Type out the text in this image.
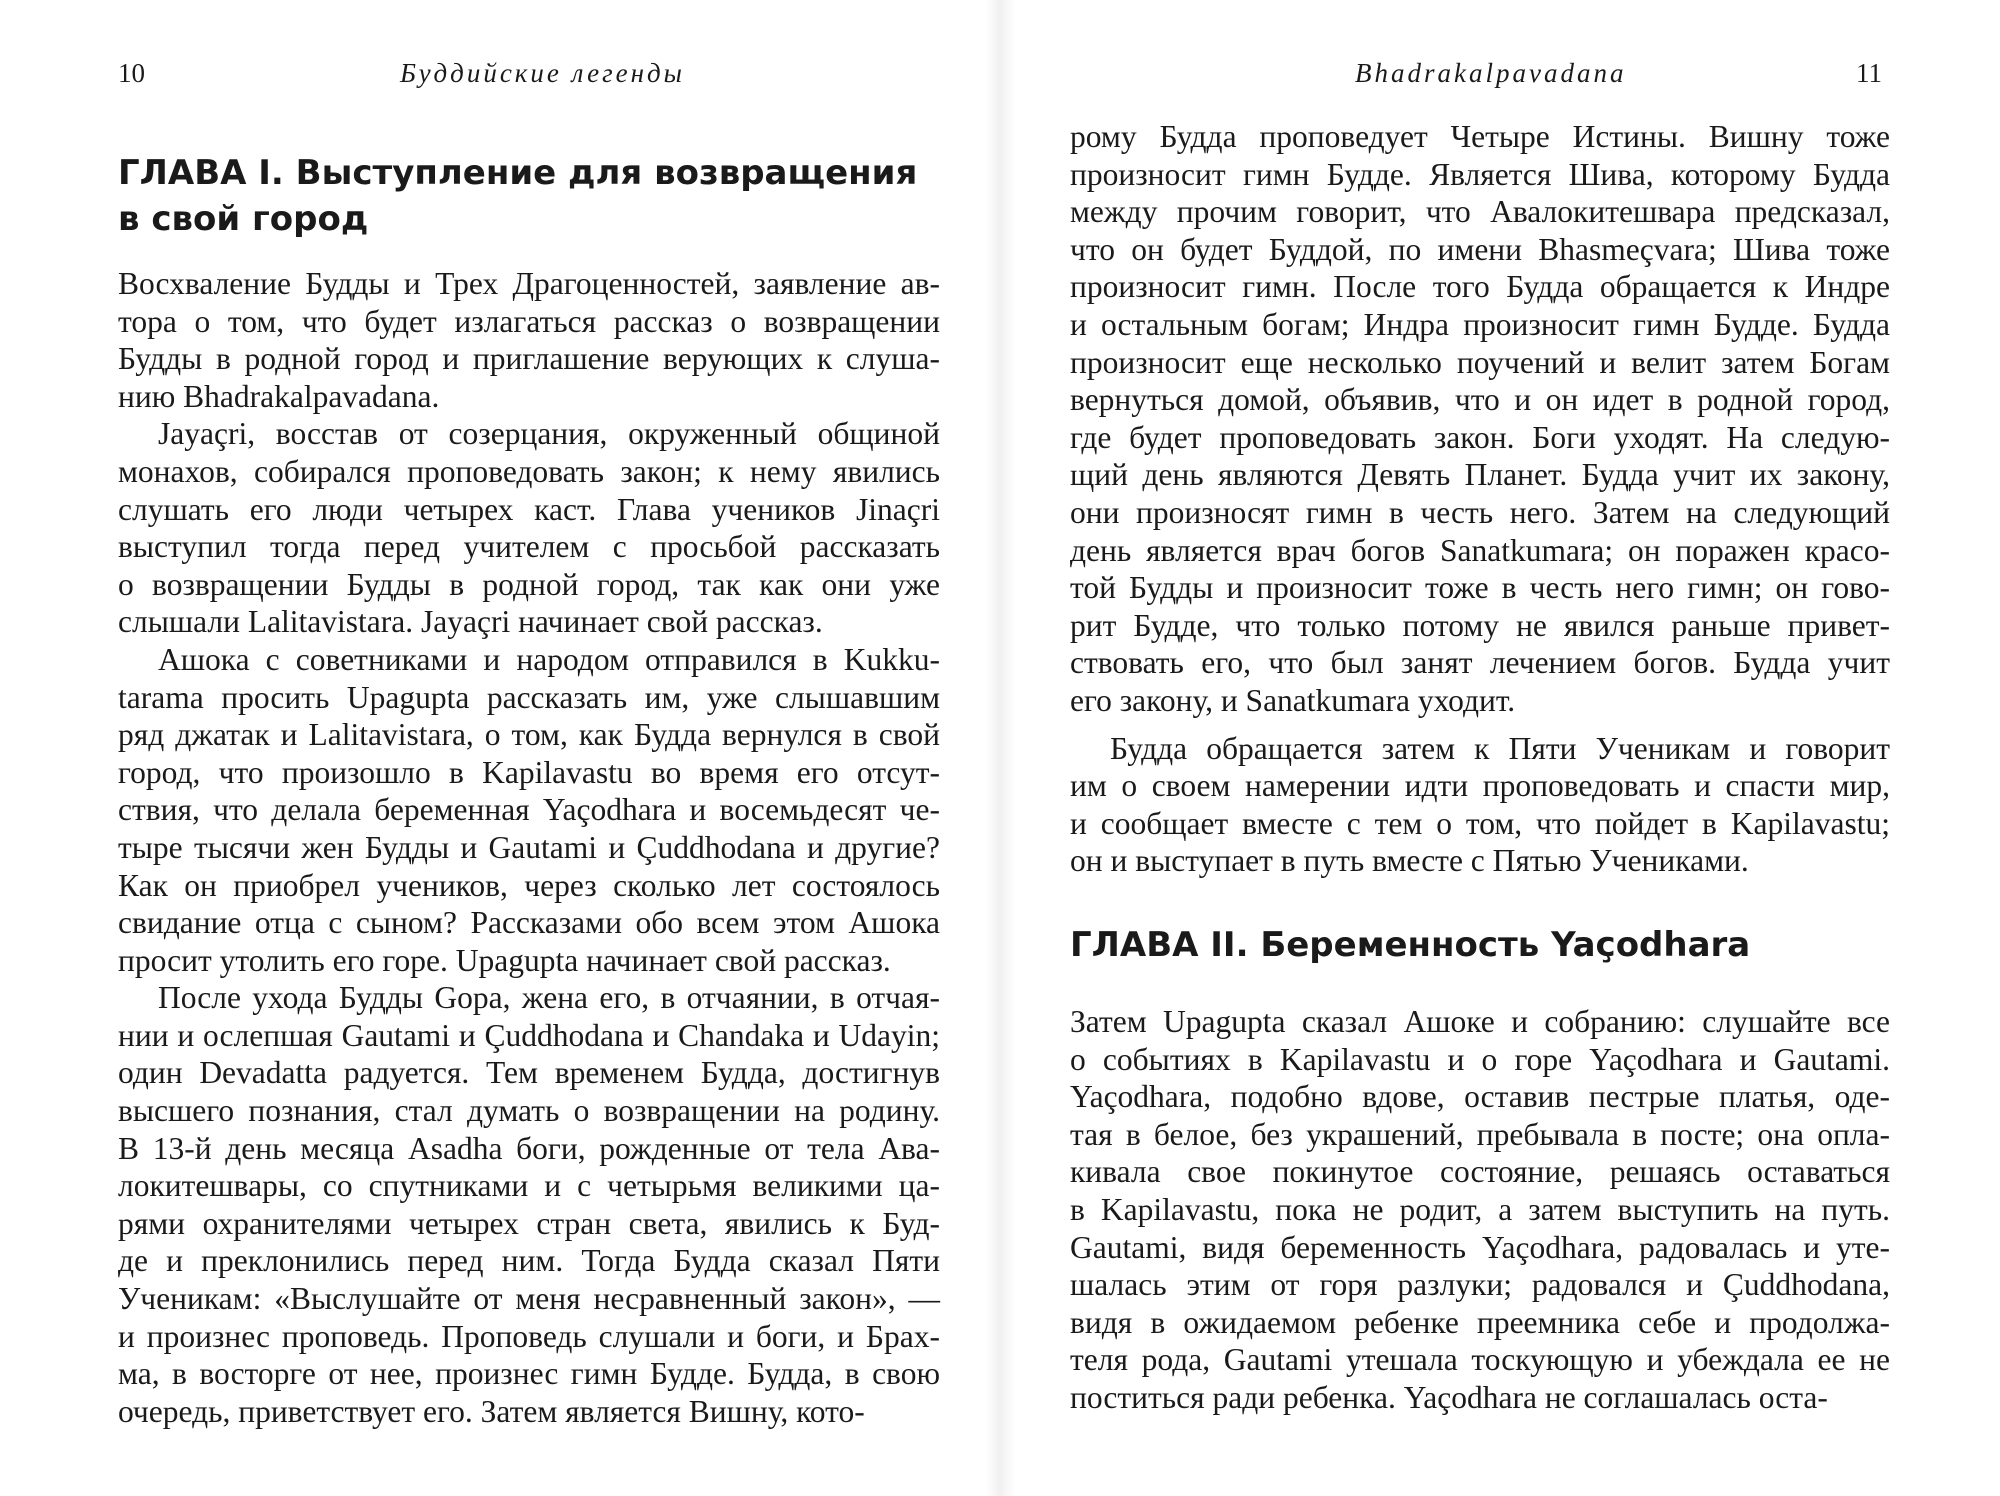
10	Буддийские легенды
ГЛАВА I. Выступление для возвращения
в свой город
Восхваление Будды и Трех Драгоценностей, заявление ав-
тора о том, что будет излагаться рассказ о возвращении
Будды в родной город и приглашение верующих к слуша-
нию Bhadrakalpavadana.
Jayaçri, восстав от созерцания, окруженный общиной
монахов, собирался проповедовать закон; к нему явились
слушать его люди четырех каст. Глава учеников Jinaçri
выступил тогда перед учителем с просьбой рассказать
о возвращении Будды в родной город, так как они уже
слышали Lalitavistara. Jayaçri начинает свой рассказ.
Ашока с советниками и народом отправился в Kukku-
tarama просить Upagupta рассказать им, уже слышавшим
ряд джатак и Lalitavistara, о том, как Будда вернулся в свой
город, что произошло в Kapilavastu во время его отсут-
ствия, что делала беременная Yaçodhara и восемьдесят че-
тыре тысячи жен Будды и Gautami и Çuddhodana и другие?
Как он приобрел учеников, через сколько лет состоялось
свидание отца с сыном? Рассказами обо всем этом Ашока
просит утолить его горе. Upagupta начинает свой рассказ.
После ухода Будды Gopa, жена его, в отчаянии, в отчая-
нии и ослепшая Gautami и Çuddhodana и Chandaka и Udayin;
один Devadatta радуется. Тем временем Будда, достигнув
высшего познания, стал думать о возвращении на родину.
В 13-й день месяца Asadha боги, рожденные от тела Ава-
локитешвары, со спутниками и с четырьмя великими ца-
рями охранителями четырех стран света, явились к Буд-
де и преклонились перед ним. Тогда Будда сказал Пяти
Ученикам: «Выслушайте от меня несравненный закон», —
и произнес проповедь. Проповедь слушали и боги, и Брах-
ма, в восторге от нее, произнес гимн Будде. Будда, в свою
очередь, приветствует его. Затем является Вишну, кото-
Bhadrakalpavadana	11
рому Будда проповедует Четыре Истины. Вишну тоже
произносит гимн Будде. Является Шива, которому Будда
между прочим говорит, что Авалокитешвара предсказал,
что он будет Буддой, по имени Bhasmeçvara; Шива тоже
произносит гимн. После того Будда обращается к Индре
и остальным богам; Индра произносит гимн Будде. Будда
произносит еще несколько поучений и велит затем Богам
вернуться домой, объявив, что и он идет в родной город,
где будет проповедовать закон. Боги уходят. На следую-
щий день являются Девять Планет. Будда учит их закону,
они произносят гимн в честь него. Затем на следующий
день является врач богов Sanatkumara; он поражен красо-
той Будды и произносит тоже в честь него гимн; он гово-
рит Будде, что только потому не явился раньше привет-
ствовать его, что был занят лечением богов. Будда учит
его закону, и Sanatkumara уходит.
Будда обращается затем к Пяти Ученикам и говорит
им о своем намерении идти проповедовать и спасти мир,
и сообщает вместе с тем о том, что пойдет в Kapilavastu;
он и выступает в путь вместе с Пятью Учениками.
ГЛАВА II. Беременность Yaçodhara
Затем Upagupta сказал Ашоке и собранию: слушайте все
о событиях в Kapilavastu и о горе Yaçodhara и Gautami.
Yaçodhara, подобно вдове, оставив пестрые платья, оде-
тая в белое, без украшений, пребывала в посте; она опла-
кивала свое покинутое состояние, решаясь оставаться
в Kapilavastu, пока не родит, а затем выступить на путь.
Gautami, видя беременность Yaçodhara, радовалась и уте-
шалась этим от горя разлуки; радовался и Çuddhodana,
видя в ожидаемом ребенке преемника себе и продолжа-
теля рода, Gautami утешала тоскующую и убеждала ее не
поститься ради ребенка. Yaçodhara не соглашалась оста-
